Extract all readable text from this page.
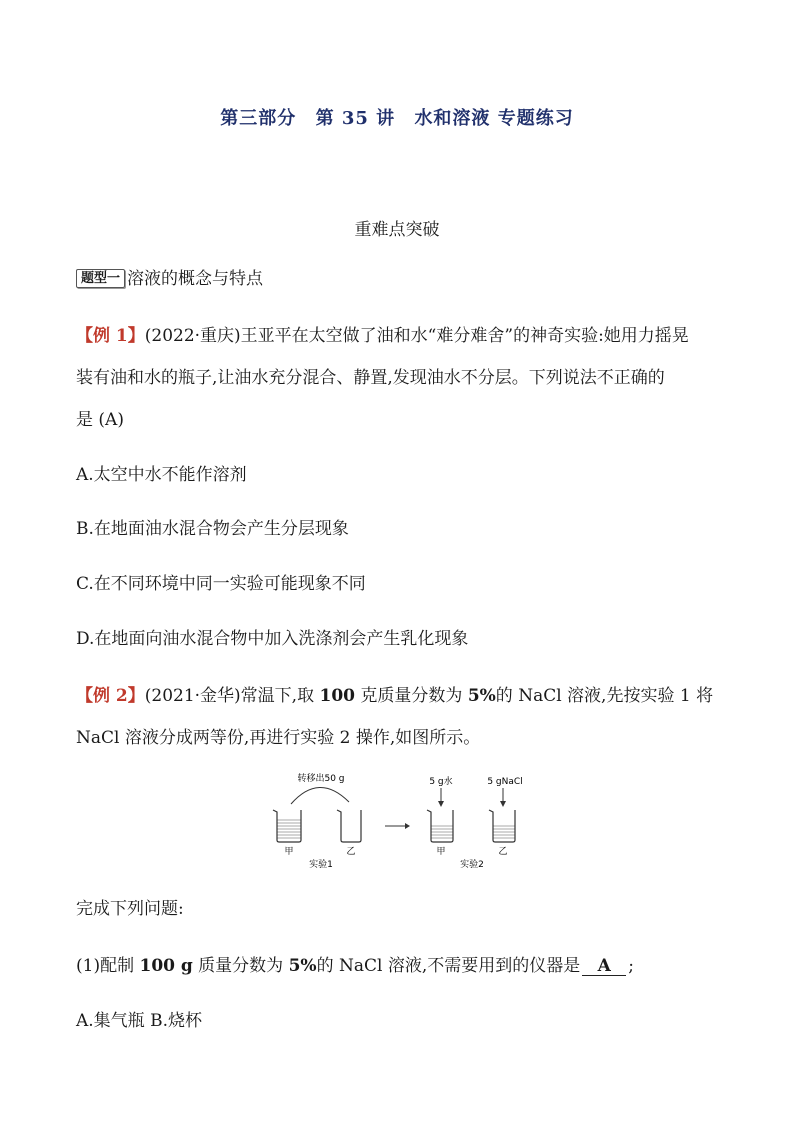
第三部分 第 35 讲 水和溶液 专题练习
重难点突破
题型一 溶液的概念与特点
【例 1】(2022·重庆)王亚平在太空做了油和水“难分难舍”的神奇实验:她用力摇晃
装有油和水的瓶子,让油水充分混合、静置,发现油水不分层。下列说法不正确的
是 (A)
A.太空中水不能作溶剂
B.在地面油水混合物会产生分层现象
C.在不同环境中同一实验可能现象不同
D.在地面向油水混合物中加入洗涤剂会产生乳化现象
【例 2】(2021·金华)常温下,取 100 克质量分数为 5%的 NaCl 溶液,先按实验 1 将
NaCl 溶液分成两等份,再进行实验 2 操作,如图所示。
转移出50 g
甲	乙
实验1
5 g水	5 gNaCl
甲	乙
实验2
完成下列问题:
(1)配制 100 g 质量分数为 5%的 NaCl 溶液,不需要用到的仪器是 A ;
A.集气瓶 B.烧杯
